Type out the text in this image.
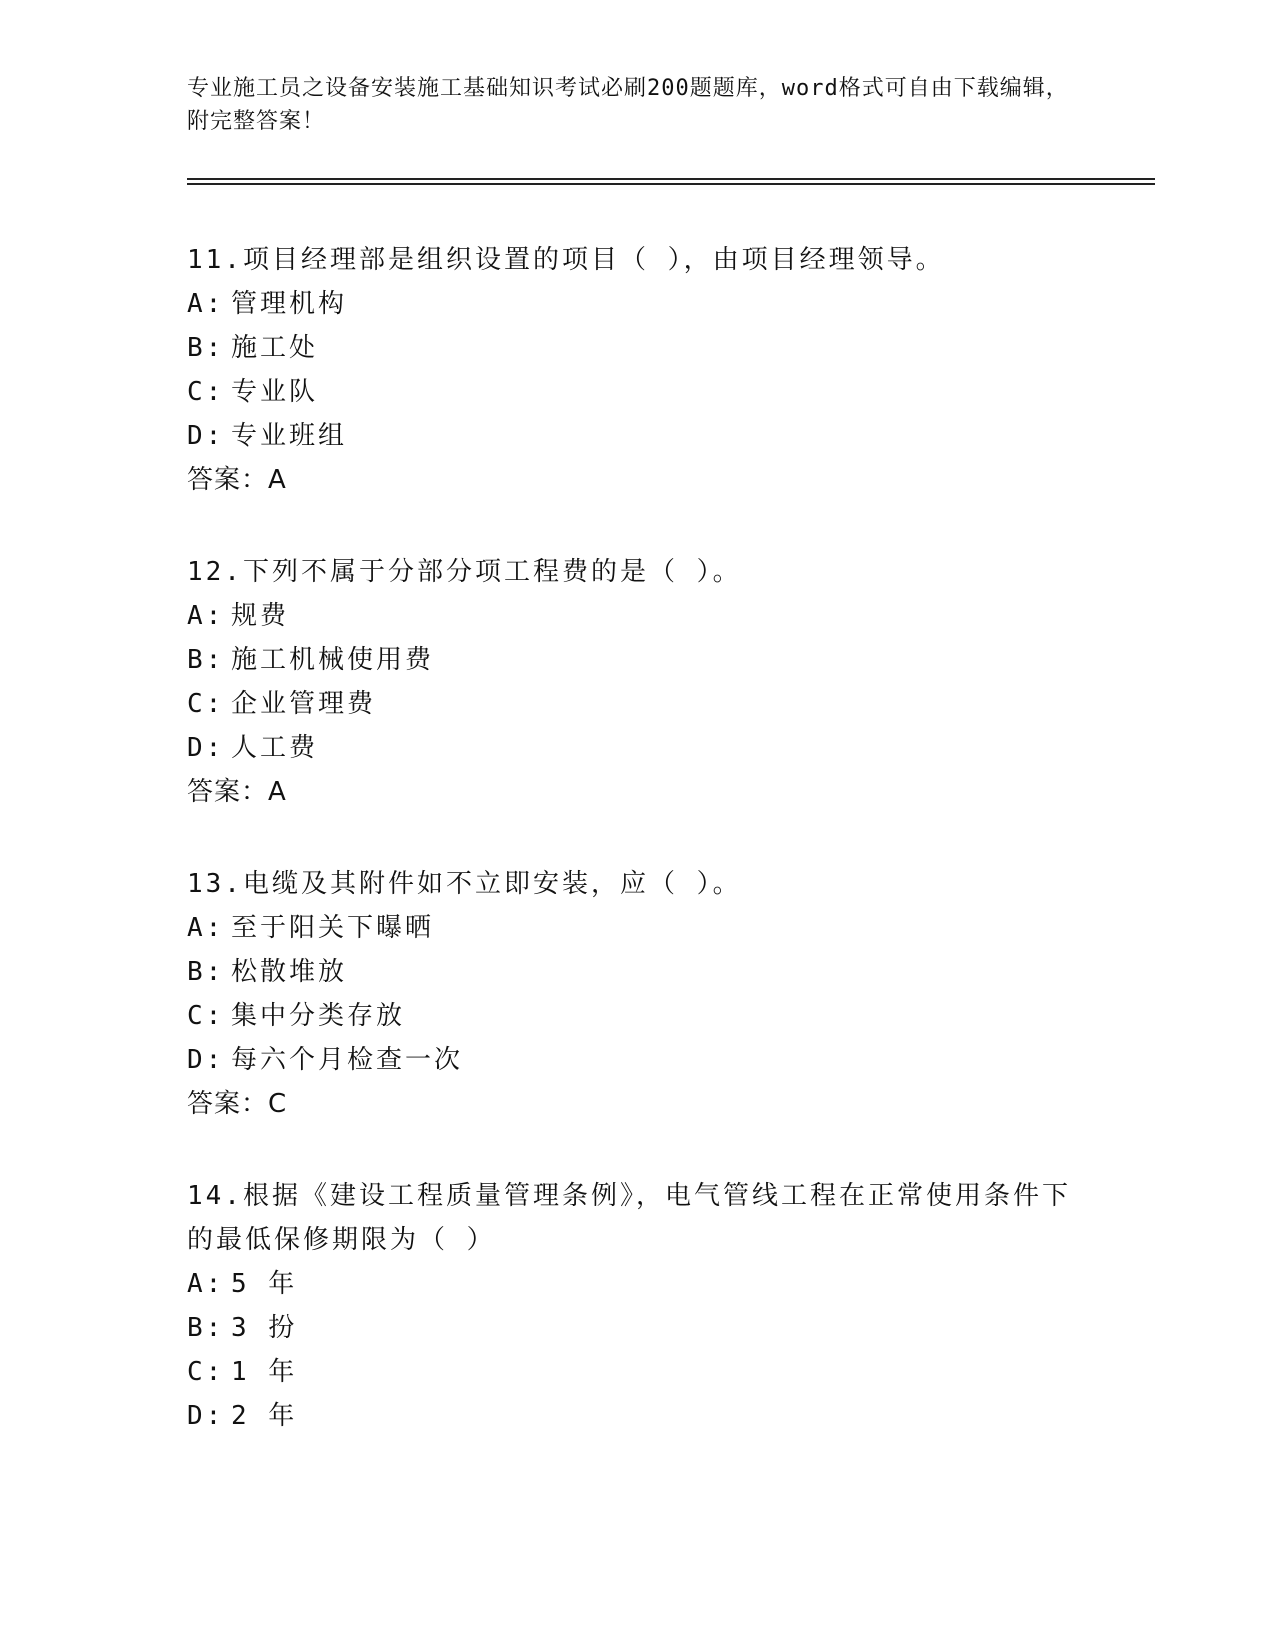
专业施工员之设备安装施工基础知识考试必刷200题题库，word格式可自由下载编辑，附完整答案！
11.项目经理部是组织设置的项目（ ），由项目经理领导。
A: 管理机构
B: 施工处
C: 专业队
D: 专业班组
答案：A
12.下列不属于分部分项工程费的是（ ）。
A: 规费
B: 施工机械使用费
C: 企业管理费
D: 人工费
答案：A
13.电缆及其附件如不立即安装，应（ ）。
A: 至于阳关下曝晒
B: 松散堆放
C: 集中分类存放
D: 每六个月检查一次
答案：C
14.根据《建设工程质量管理条例》，电气管线工程在正常使用条件下的最低保修期限为（ ）
A: 5 年
B: 3 扮
C: 1 年
D: 2 年
